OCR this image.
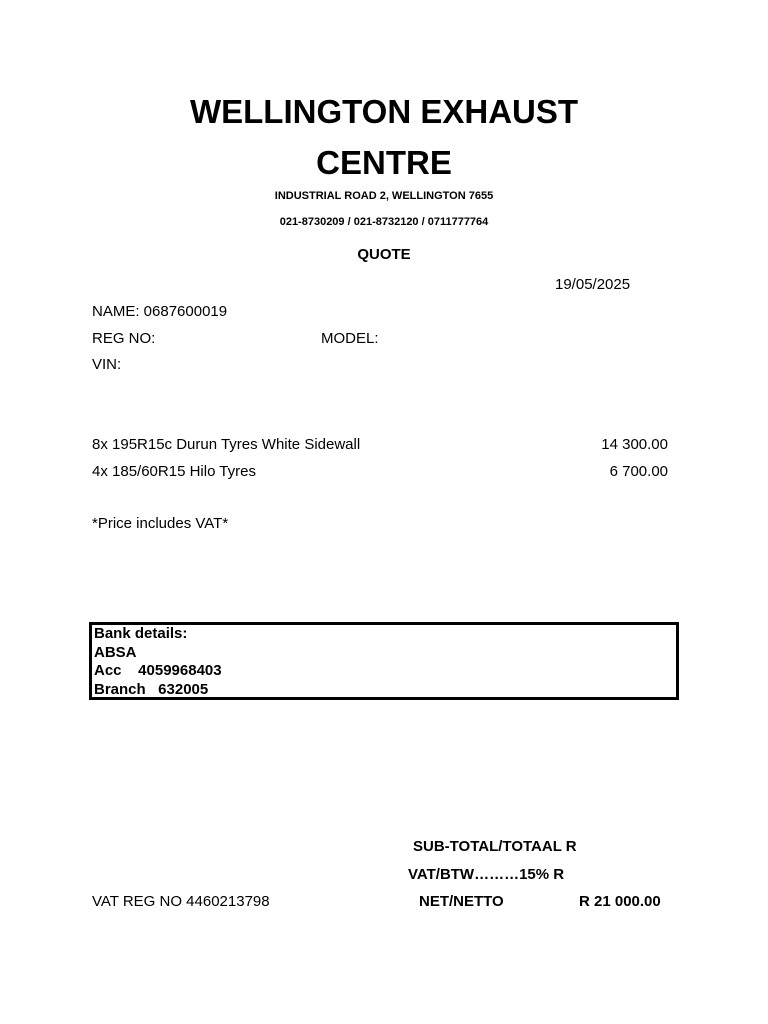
WELLINGTON EXHAUST
CENTRE
INDUSTRIAL ROAD 2, WELLINGTON 7655
021-8730209 / 021-8732120 / 0711777764
QUOTE
19/05/2025
NAME: 0687600019
REG NO:	MODEL:
VIN:
8x 195R15c Durun Tyres White Sidewall	14 300.00
4x 185/60R15 Hilo Tyres	6 700.00
*Price includes VAT*
Bank details:
ABSA
Acc    4059968403
Branch   632005
SUB-TOTAL/TOTAAL R
VAT/BTW………15% R
VAT REG NO 4460213798	NET/NETTO	R 21 000.00
